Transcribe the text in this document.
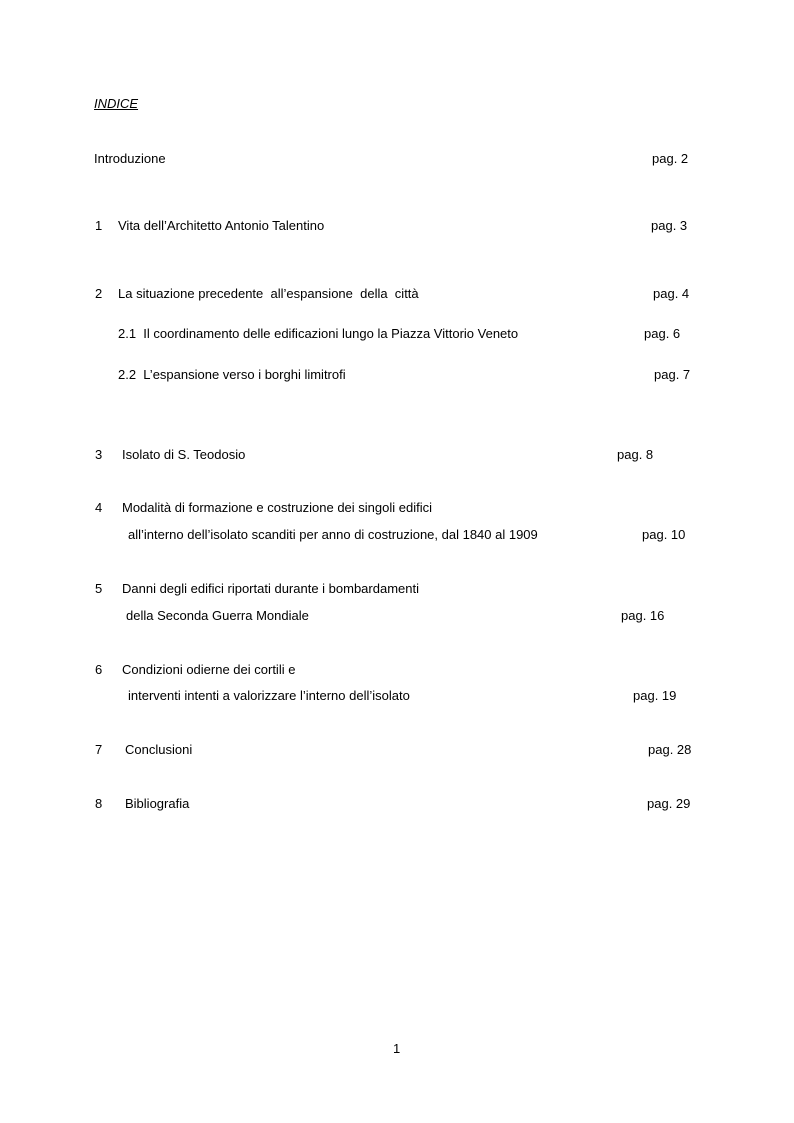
INDICE
Introduzione	pag. 2
1 Vita dell’Architetto Antonio Talentino	pag. 3
2 La situazione precedente  all’espansione  della  città	pag. 4
2.1  Il coordinamento delle edificazioni lungo la Piazza Vittorio Veneto	pag. 6
2.2  L’espansione verso i borghi limitrofi	pag. 7
3 Isolato di S. Teodosio	pag. 8
4 Modalità di formazione e costruzione dei singoli edifici
all’interno dell’isolato scanditi per anno di costruzione, dal 1840 al 1909	pag. 10
5 Danni degli edifici riportati durante i bombardamenti
della Seconda Guerra Mondiale	pag. 16
6 Condizioni odierne dei cortili e
interventi intenti a valorizzare l’interno dell’isolato	pag. 19
7 Conclusioni	pag. 28
8 Bibliografia	pag. 29
1
